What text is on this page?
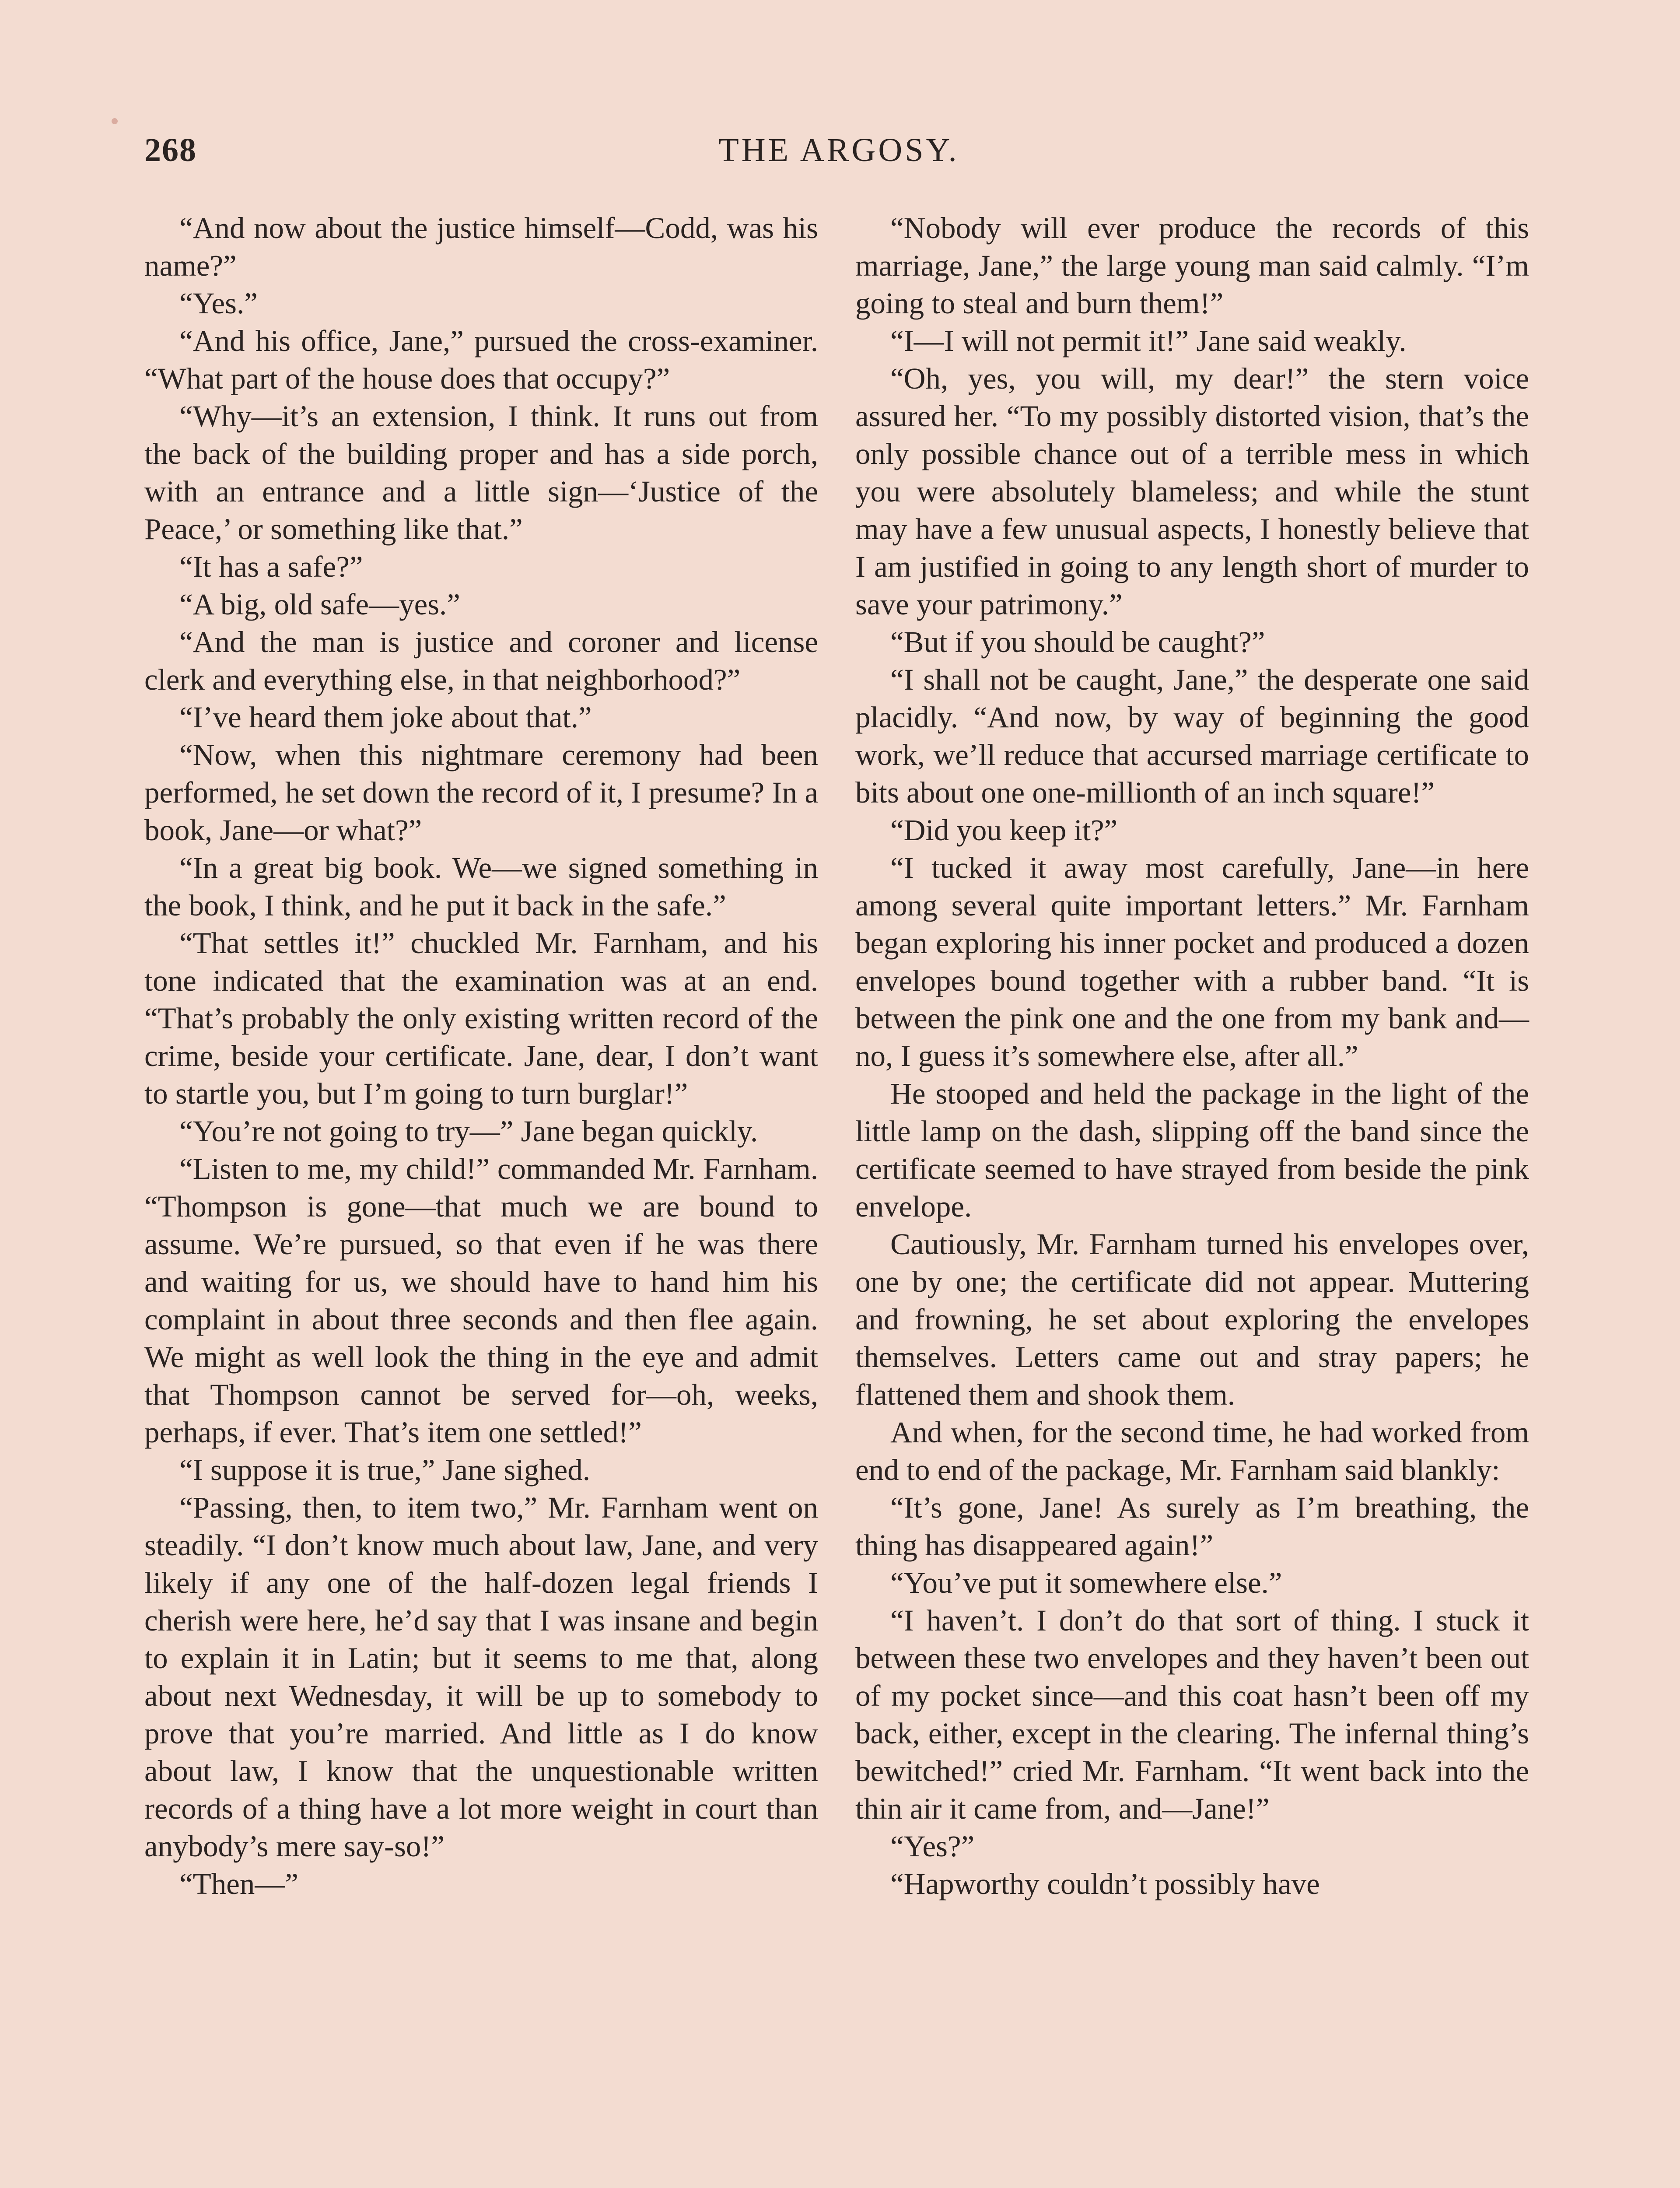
268	THE ARGOSY.

“And now about the justice himself—Codd, was his name?”

“Yes.”

“And his office, Jane,” pursued the cross-examiner. “What part of the house does that occupy?”

“Why—it’s an extension, I think. It runs out from the back of the building proper and has a side porch, with an entrance and a little sign—‘Justice of the Peace,’ or something like that.”

“It has a safe?”

“A big, old safe—yes.”

“And the man is justice and coroner and license clerk and everything else, in that neighborhood?”

“I’ve heard them joke about that.”

“Now, when this nightmare ceremony had been performed, he set down the record of it, I presume? In a book, Jane—or what?”

“In a great big book. We—we signed something in the book, I think, and he put it back in the safe.”

“That settles it!” chuckled Mr. Farnham, and his tone indicated that the examination was at an end. “That’s probably the only existing written record of the crime, beside your certificate. Jane, dear, I don’t want to startle you, but I’m going to turn burglar!”

“You’re not going to try—” Jane began quickly.

“Listen to me, my child!” commanded Mr. Farnham. “Thompson is gone—that much we are bound to assume. We’re pursued, so that even if he was there and waiting for us, we should have to hand him his complaint in about three seconds and then flee again. We might as well look the thing in the eye and admit that Thompson cannot be served for—oh, weeks, perhaps, if ever. That’s item one settled!”

“I suppose it is true,” Jane sighed.

“Passing, then, to item two,” Mr. Farnham went on steadily. “I don’t know much about law, Jane, and very likely if any one of the half-dozen legal friends I cherish were here, he’d say that I was insane and begin to explain it in Latin; but it seems to me that, along about next Wednesday, it will be up to somebody to prove that you’re married. And little as I do know about law, I know that the unquestionable written records of a thing have a lot more weight in court than anybody’s mere say-so!”

“Then—”

“Nobody will ever produce the records of this marriage, Jane,” the large young man said calmly. “I’m going to steal and burn them!”

“I—I will not permit it!” Jane said weakly.

“Oh, yes, you will, my dear!” the stern voice assured her. “To my possibly distorted vision, that’s the only possible chance out of a terrible mess in which you were absolutely blameless; and while the stunt may have a few unusual aspects, I honestly believe that I am justified in going to any length short of murder to save your patrimony.”

“But if you should be caught?”

“I shall not be caught, Jane,” the desperate one said placidly. “And now, by way of beginning the good work, we’ll reduce that accursed marriage certificate to bits about one one-millionth of an inch square!”

“Did you keep it?”

“I tucked it away most carefully, Jane—in here among several quite important letters.” Mr. Farnham began exploring his inner pocket and produced a dozen envelopes bound together with a rubber band. “It is between the pink one and the one from my bank and—no, I guess it’s somewhere else, after all.”

He stooped and held the package in the light of the little lamp on the dash, slipping off the band since the certificate seemed to have strayed from beside the pink envelope.

Cautiously, Mr. Farnham turned his envelopes over, one by one; the certificate did not appear. Muttering and frowning, he set about exploring the envelopes themselves. Letters came out and stray papers; he flattened them and shook them.

And when, for the second time, he had worked from end to end of the package, Mr. Farnham said blankly:

“It’s gone, Jane! As surely as I’m breathing, the thing has disappeared again!”

“You’ve put it somewhere else.”

“I haven’t. I don’t do that sort of thing. I stuck it between these two envelopes and they haven’t been out of my pocket since—and this coat hasn’t been off my back, either, except in the clearing. The infernal thing’s bewitched!” cried Mr. Farnham. “It went back into the thin air it came from, and—Jane!”

“Yes?”

“Hapworthy couldn’t possibly have
